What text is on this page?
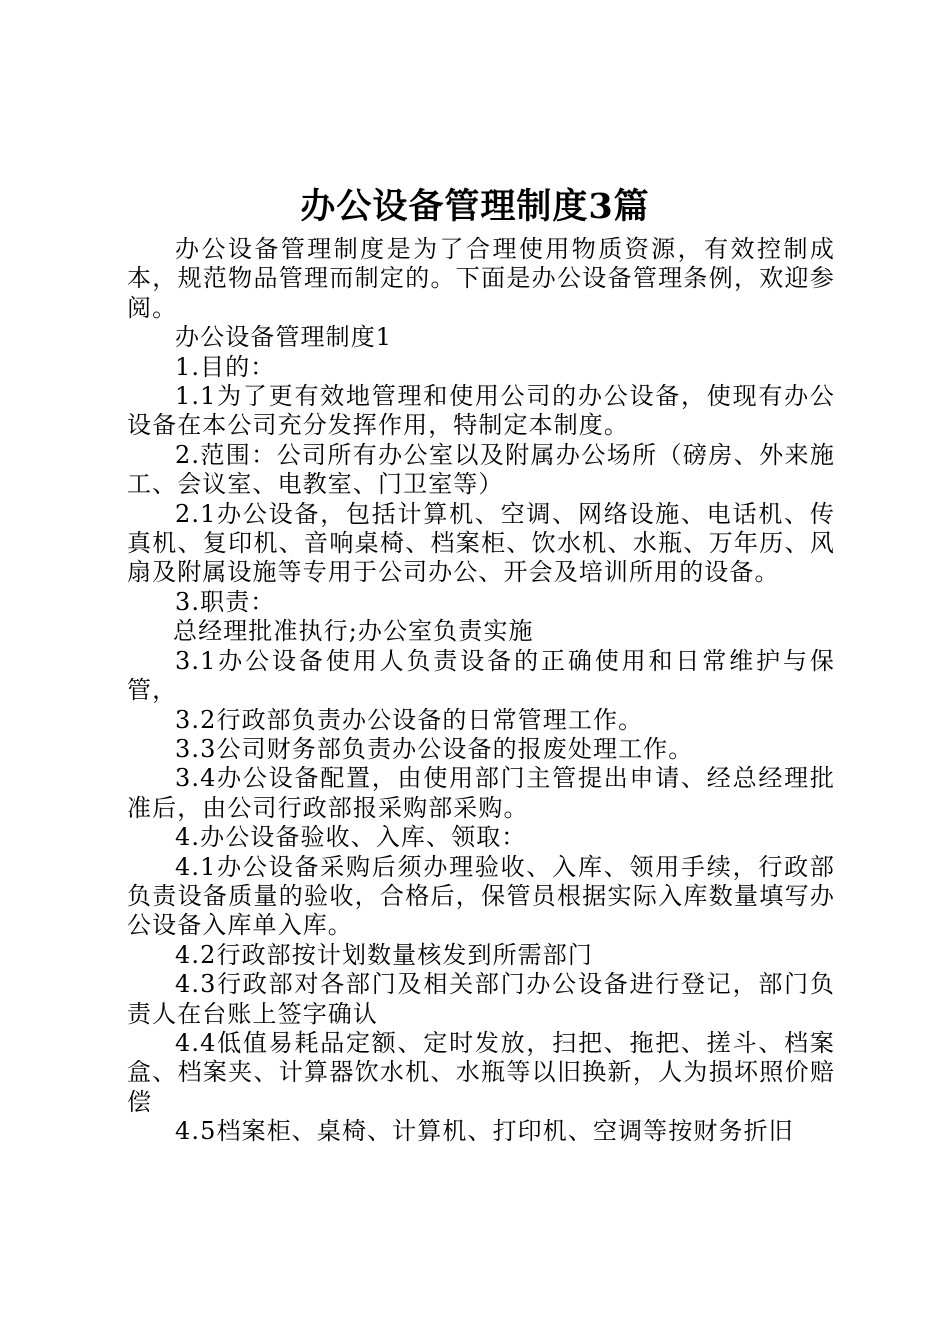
办公设备管理制度3篇

办公设备管理制度是为了合理使用物质资源，有效控制成本，规范物品管理而制定的。下面是办公设备管理条例，欢迎参阅。

办公设备管理制度1

1.目的：

1.1为了更有效地管理和使用公司的办公设备，使现有办公设备在本公司充分发挥作用，特制定本制度。

2.范围：公司所有办公室以及附属办公场所（磅房、外来施工、会议室、电教室、门卫室等）

2.1办公设备，包括计算机、空调、网络设施、电话机、传真机、复印机、音响桌椅、档案柜、饮水机、水瓶、万年历、风扇及附属设施等专用于公司办公、开会及培训所用的设备。

3.职责：

总经理批准执行;办公室负责实施

3.1办公设备使用人负责设备的正确使用和日常维护与保管，

3.2行政部负责办公设备的日常管理工作。

3.3公司财务部负责办公设备的报废处理工作。

3.4办公设备配置，由使用部门主管提出申请、经总经理批准后，由公司行政部报采购部采购。

4.办公设备验收、入库、领取：

4.1办公设备采购后须办理验收、入库、领用手续，行政部负责设备质量的验收，合格后，保管员根据实际入库数量填写办公设备入库单入库。

4.2行政部按计划数量核发到所需部门

4.3行政部对各部门及相关部门办公设备进行登记，部门负责人在台账上签字确认

4.4低值易耗品定额、定时发放，扫把、拖把、搓斗、档案盒、档案夹、计算器饮水机、水瓶等以旧换新，人为损坏照价赔偿

4.5档案柜、桌椅、计算机、打印机、空调等按财务折旧
